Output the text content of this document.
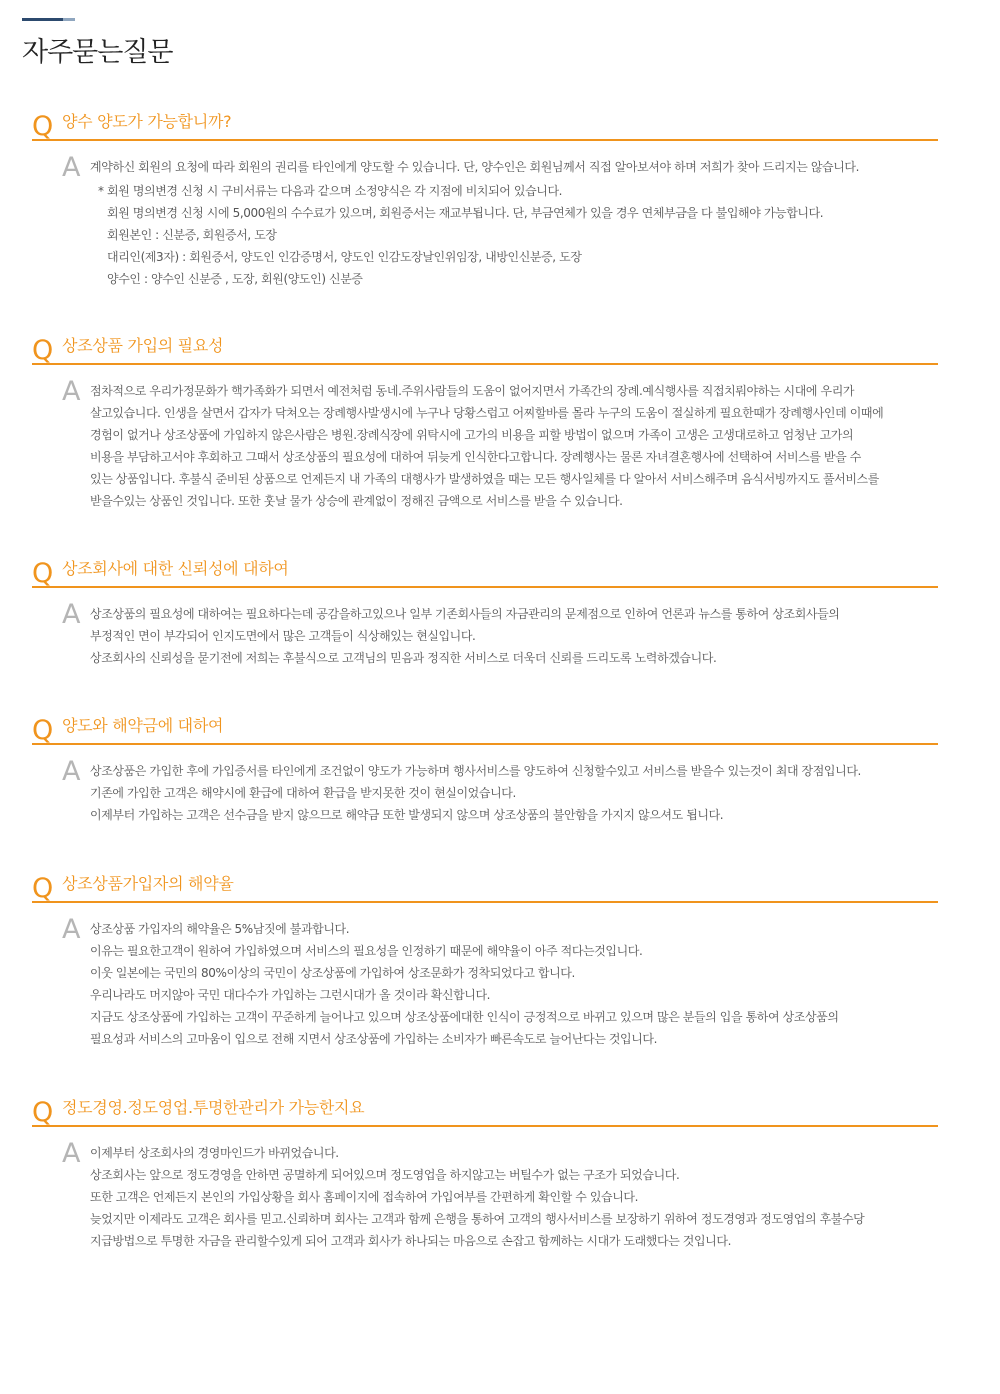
자주묻는질문
Q 양수 양도가 가능합니까?
A 계약하신 회원의 요청에 따라 회원의 권리를 타인에게 양도할 수 있습니다. 단, 양수인은 회원님께서 직접 알아보셔야 하며 저희가 찾아 드리지는 않습니다.
* 회원 명의변경 신청 시 구비서류는 다음과 같으며 소정양식은 각 지점에 비치되어 있습니다.
회원 명의변경 신청 시에 5,000원의 수수료가 있으며, 회원증서는 재교부됩니다. 단, 부금연체가 있을 경우 연체부금을 다 불입해야 가능합니다.
회원본인 : 신분증, 회원증서, 도장
대리인(제3자) : 회원증서, 양도인 인감증명서, 양도인 인감도장날인위임장, 내방인신분증, 도장
양수인 : 양수인 신분증 , 도장, 회원(양도인) 신분증
Q 상조상품 가입의 필요성
A 점차적으로 우리가정문화가 핵가족화가 되면서 예전처럼 동네.주위사람들의 도움이 없어지면서 가족간의 장례.예식행사를 직접치뤄야하는 시대에 우리가
살고있습니다. 인생을 살면서 갑자가 닥쳐오는 장례행사발생시에 누구나 당황스럽고 어찌할바를 몰라 누구의 도움이 절실하게 필요한때가 장례행사인데 이때에
경험이 없거나 상조상품에 가입하지 않은사람은 병원.장례식장에 위탁시에 고가의 비용을 피할 방법이 없으며 가족이 고생은 고생대로하고 엄청난 고가의
비용을 부담하고서야 후회하고 그때서 상조상품의 필요성에 대하여 뒤늦게 인식한다고합니다. 장례행사는 물론 자녀결혼행사에 선택하여 서비스를 받을 수
있는 상품입니다. 후불식 준비된 상품으로 언제든지 내 가족의 대행사가 발생하였을 때는 모든 행사일체를 다 알아서 서비스해주며 음식서빙까지도 풀서비스를
받을수있는 상품인 것입니다. 또한 훗날 물가 상승에 관계없이 정해진 금액으로 서비스를 받을 수 있습니다.
Q 상조회사에 대한 신뢰성에 대하여
A 상조상품의 필요성에 대하여는 필요하다는데 공감을하고있으나 일부 기존회사들의 자금관리의 문제점으로 인하여 언론과 뉴스를 통하여 상조회사들의
부정적인 면이 부각되어 인지도면에서 많은 고객들이 식상해있는 현실입니다.
상조회사의 신뢰성을 묻기전에 저희는 후불식으로 고객님의 믿음과 정직한 서비스로 더욱더 신뢰를 드리도록 노력하겠습니다.
Q 양도와 해약금에 대하여
A 상조상품은 가입한 후에 가입증서를 타인에게 조건없이 양도가 가능하며 행사서비스를 양도하여 신청할수있고 서비스를 받을수 있는것이 최대 장점입니다.
기존에 가입한 고객은 해약시에 환급에 대하여 환급을 받지못한 것이 현실이었습니다.
이제부터 가입하는 고객은 선수금을 받지 않으므로 해약금 또한 발생되지 않으며 상조상품의 불안함을 가지지 않으셔도 됩니다.
Q 상조상품가입자의 해약율
A 상조상품 가입자의 해약율은 5%남짓에 불과합니다.
이유는 필요한고객이 원하여 가입하였으며 서비스의 필요성을 인정하기 때문에 해약율이 아주 적다는것입니다.
이웃 일본에는 국민의 80%이상의 국민이 상조상품에 가입하여 상조문화가 정착되었다고 합니다.
우리나라도 머지않아 국민 대다수가 가입하는 그런시대가 올 것이라 확신합니다.
지금도 상조상품에 가입하는 고객이 꾸준하게 늘어나고 있으며 상조상품에대한 인식이 긍정적으로 바뀌고 있으며 많은 분들의 입을 통하여 상조상품의
필요성과 서비스의 고마움이 입으로 전해 지면서 상조상품에 가입하는 소비자가 빠른속도로 늘어난다는 것입니다.
Q 정도경영.정도영업.투명한관리가 가능한지요
A 이제부터 상조회사의 경영마인드가 바뀌었습니다.
상조회사는 앞으로 정도경영을 안하면 공멸하게 되어있으며 정도영업을 하지않고는 버틸수가 없는 구조가 되었습니다.
또한 고객은 언제든지 본인의 가입상황을 회사 홈페이지에 접속하여 가입여부를 간편하게 확인할 수 있습니다.
늦었지만 이제라도 고객은 회사를 믿고.신뢰하며 회사는 고객과 함께 은행을 통하여 고객의 행사서비스를 보장하기 위하여 정도경영과 정도영업의 후불수당
지급방법으로 투명한 자금을 관리할수있게 되어 고객과 회사가 하나되는 마음으로 손잡고 함께하는 시대가 도래했다는 것입니다.
